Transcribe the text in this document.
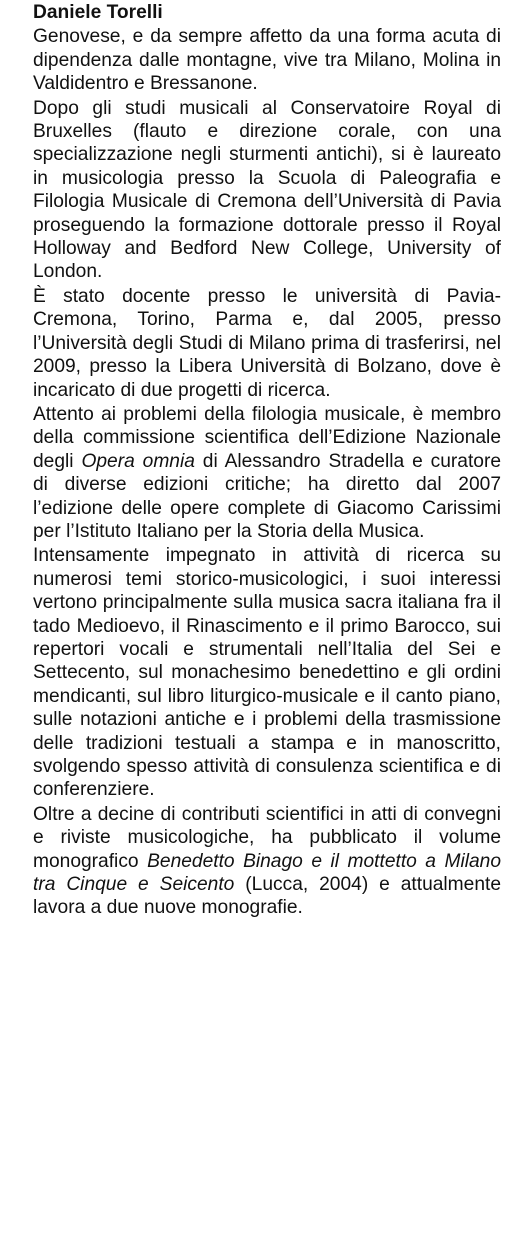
Daniele Torelli

Genovese, e da sempre affetto da una forma acuta di dipendenza dalle montagne, vive tra Milano, Molina in Valdidentro e Bressanone.

Dopo gli studi musicali al Conservatoire Royal di Bruxelles (flauto e direzione corale, con una specializzazione negli sturmenti antichi), si è laureato in musicologia presso la Scuola di Paleografia e Filologia Musicale di Cremona dell’Università di Pavia proseguendo la formazione dottorale presso il Royal Holloway and Bedford New College, University of London.

È stato docente presso le università di Pavia-Cremona, Torino, Parma e, dal 2005, presso l’Università degli Studi di Milano prima di trasferirsi, nel 2009, presso la Libera Università di Bolzano, dove è incaricato di due progetti di ricerca.

Attento ai problemi della filologia musicale, è membro della commissione scientifica dell’Edizione Nazionale degli Opera omnia di Alessandro Stradella e curatore di diverse edizioni critiche; ha diretto dal 2007 l’edizione delle opere complete di Giacomo Carissimi per l’Istituto Italiano per la Storia della Musica.

Intensamente impegnato in attività di ricerca su numerosi temi storico-musicologici, i suoi interessi vertono principalmente sulla musica sacra italiana fra il tado Medioevo, il Rinascimento e il primo Barocco, sui repertori vocali e strumentali nell’Italia del Sei e Settecento, sul monachesimo benedettino e gli ordini mendicanti, sul libro liturgico-musicale e il canto piano, sulle notazioni antiche e i problemi della trasmissione delle tradizioni testuali a stampa e in manoscritto, svolgendo spesso attività di consulenza scientifica e di conferenziere.

Oltre a decine di contributi scientifici in atti di convegni e riviste musicologiche, ha pubblicato il volume monografico Benedetto Binago e il mottetto a Milano tra Cinque e Seicento (Lucca, 2004) e attualmente lavora a due nuove monografie.
